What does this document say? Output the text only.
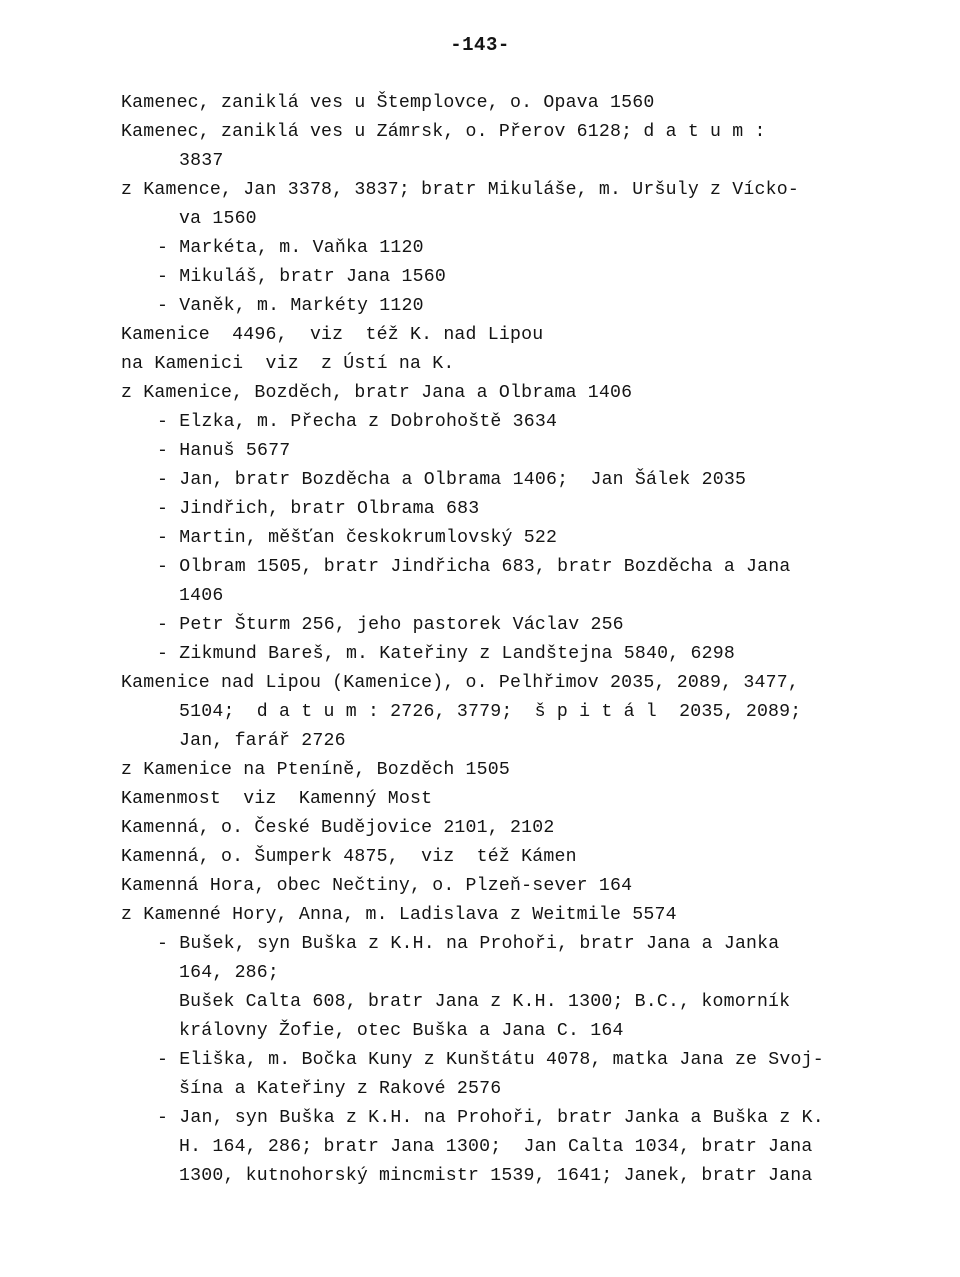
-143-
Kamenec, zaniklá ves u Štemplovce, o. Opava 1560
Kamenec, zaniklá ves u Zámrsk, o. Přerov 6128; d a t u m :
3837
z Kamence, Jan 3378, 3837; bratr Mikuláše, m. Uršuly z Vícko-
va 1560
- Markéta, m. Vaňka 1120
- Mikuláš, bratr Jana 1560
- Vaněk, m. Markéty 1120
Kamenice  4496,  viz  též K. nad Lipou
na Kamenici  viz  z Ústí na K.
z Kamenice, Bozděch, bratr Jana a Olbrama 1406
- Elzka, m. Přecha z Dobrohoště 3634
- Hanuš 5677
- Jan, bratr Bozděcha a Olbrama 1406;  Jan Šálek 2035
- Jindřich, bratr Olbrama 683
- Martin, měšťan českokrumlovský 522
- Olbram 1505, bratr Jindřicha 683, bratr Bozděcha a Jana
1406
- Petr Šturm 256, jeho pastorek Václav 256
- Zikmund Bareš, m. Kateřiny z Landštejna 5840, 6298
Kamenice nad Lipou (Kamenice), o. Pelhřimov 2035, 2089, 3477,
5104;  d a t u m : 2726, 3779;  š p i t á l  2035, 2089;
Jan, farář 2726
z Kamenice na Pteníně, Bozděch 1505
Kamenmost  viz  Kamenný Most
Kamenná, o. České Budějovice 2101, 2102
Kamenná, o. Šumperk 4875,  viz  též Kámen
Kamenná Hora, obec Nečtiny, o. Plzeň-sever 164
z Kamenné Hory, Anna, m. Ladislava z Weitmile 5574
- Bušek, syn Buška z K.H. na Prohoři, bratr Jana a Janka
164, 286;
Bušek Calta 608, bratr Jana z K.H. 1300; B.C., komorník
královny Žofie, otec Buška a Jana C. 164
- Eliška, m. Bočka Kuny z Kunštátu 4078, matka Jana ze Svoj-
šína a Kateřiny z Rakové 2576
- Jan, syn Buška z K.H. na Prohoři, bratr Janka a Buška z K.
H. 164, 286; bratr Jana 1300;  Jan Calta 1034, bratr Jana
1300, kutnohorský mincmistr 1539, 1641; Janek, bratr Jana
